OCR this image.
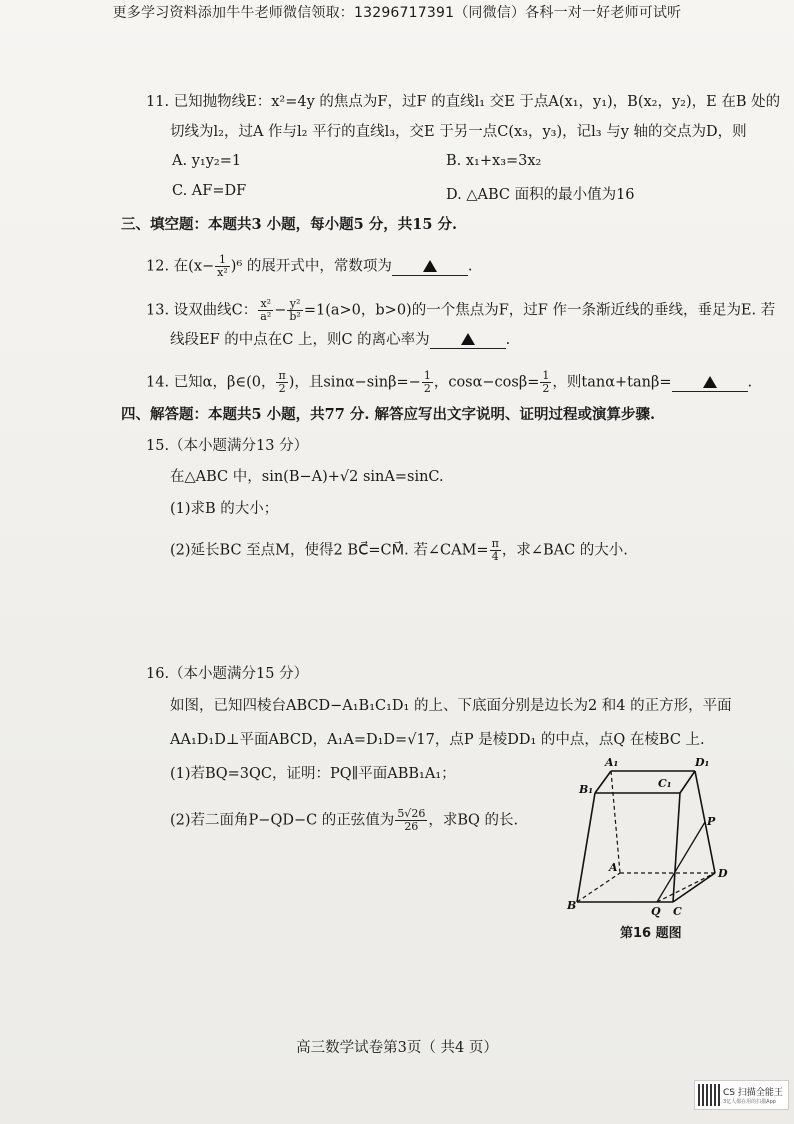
更多学习资料添加牛牛老师微信领取：13296717391（同微信）各科一对一好老师可试听
11. 已知抛物线E：x²=4y 的焦点为F，过F 的直线l₁ 交E 于点A(x₁，y₁)，B(x₂，y₂)，E 在B 处的
切线为l₂，过A 作与l₂ 平行的直线l₃，交E 于另一点C(x₃，y₃)，记l₃ 与y 轴的交点为D，则
A. y₁y₂=1	B. x₁+x₃=3x₂
C. AF=DF	D. △ABC 面积的最小值为16
三、填空题：本题共3 小题，每小题5 分，共15 分.
12. 在$(x- \frac{1}{\text{x²}} )^6$ 的展开式中，常数项为	.
13. 设双曲线C： $\frac{\text{x²}}{\text{a²}} - \frac{\text{y²}}{\text{b²}} =1(a>0$，b>0)的一个焦点为F，过F 作一条渐近线的垂线，垂足为E. 若
线段EF 的中点在C 上，则C 的离心率为	.
14. 已知α，β∈(0， $\frac{\pi}{2}$ )，且$\sin\alpha-\sin\beta=- \frac{1}{2}$ ，$\cos\alpha-\cos\beta= \frac{1}{2}$ ，则tanα+tanβ=	.
四、解答题：本题共5 小题，共77 分. 解答应写出文字说明、证明过程或演算步骤.
15.（本小题满分13 分）
在△ABC 中，sin(B−A)+√2 sinA=sinC.
(1)求B 的大小；
(2)延长BC 至点M，使得2 BC⃗=CM⃗. 若∠CAM= $\frac{\pi}{4}$ ，求∠BAC 的大小.
16.（本小题满分15 分）
如图，已知四棱台ABCD−A₁B₁C₁D₁ 的上、下底面分别是边长为2 和4 的正方形，平面
AA₁D₁D⊥平面ABCD，A₁A=D₁D=√17，点P 是棱DD₁ 的中点，点Q 在棱BC 上.
(1)若BQ=3QC，证明：PQ∥平面ABB₁A₁；
(2)若二面角P−QD−C 的正弦值为 $\frac{5√26}{26}$ ，求BQ 的长.
A₁	D₁
B₁	C₁
P
A	D
B	Q C
第16 题图
高三数学试卷第3页（ 共4 页）
CS 扫描全能王
3亿人都在用的扫描App
